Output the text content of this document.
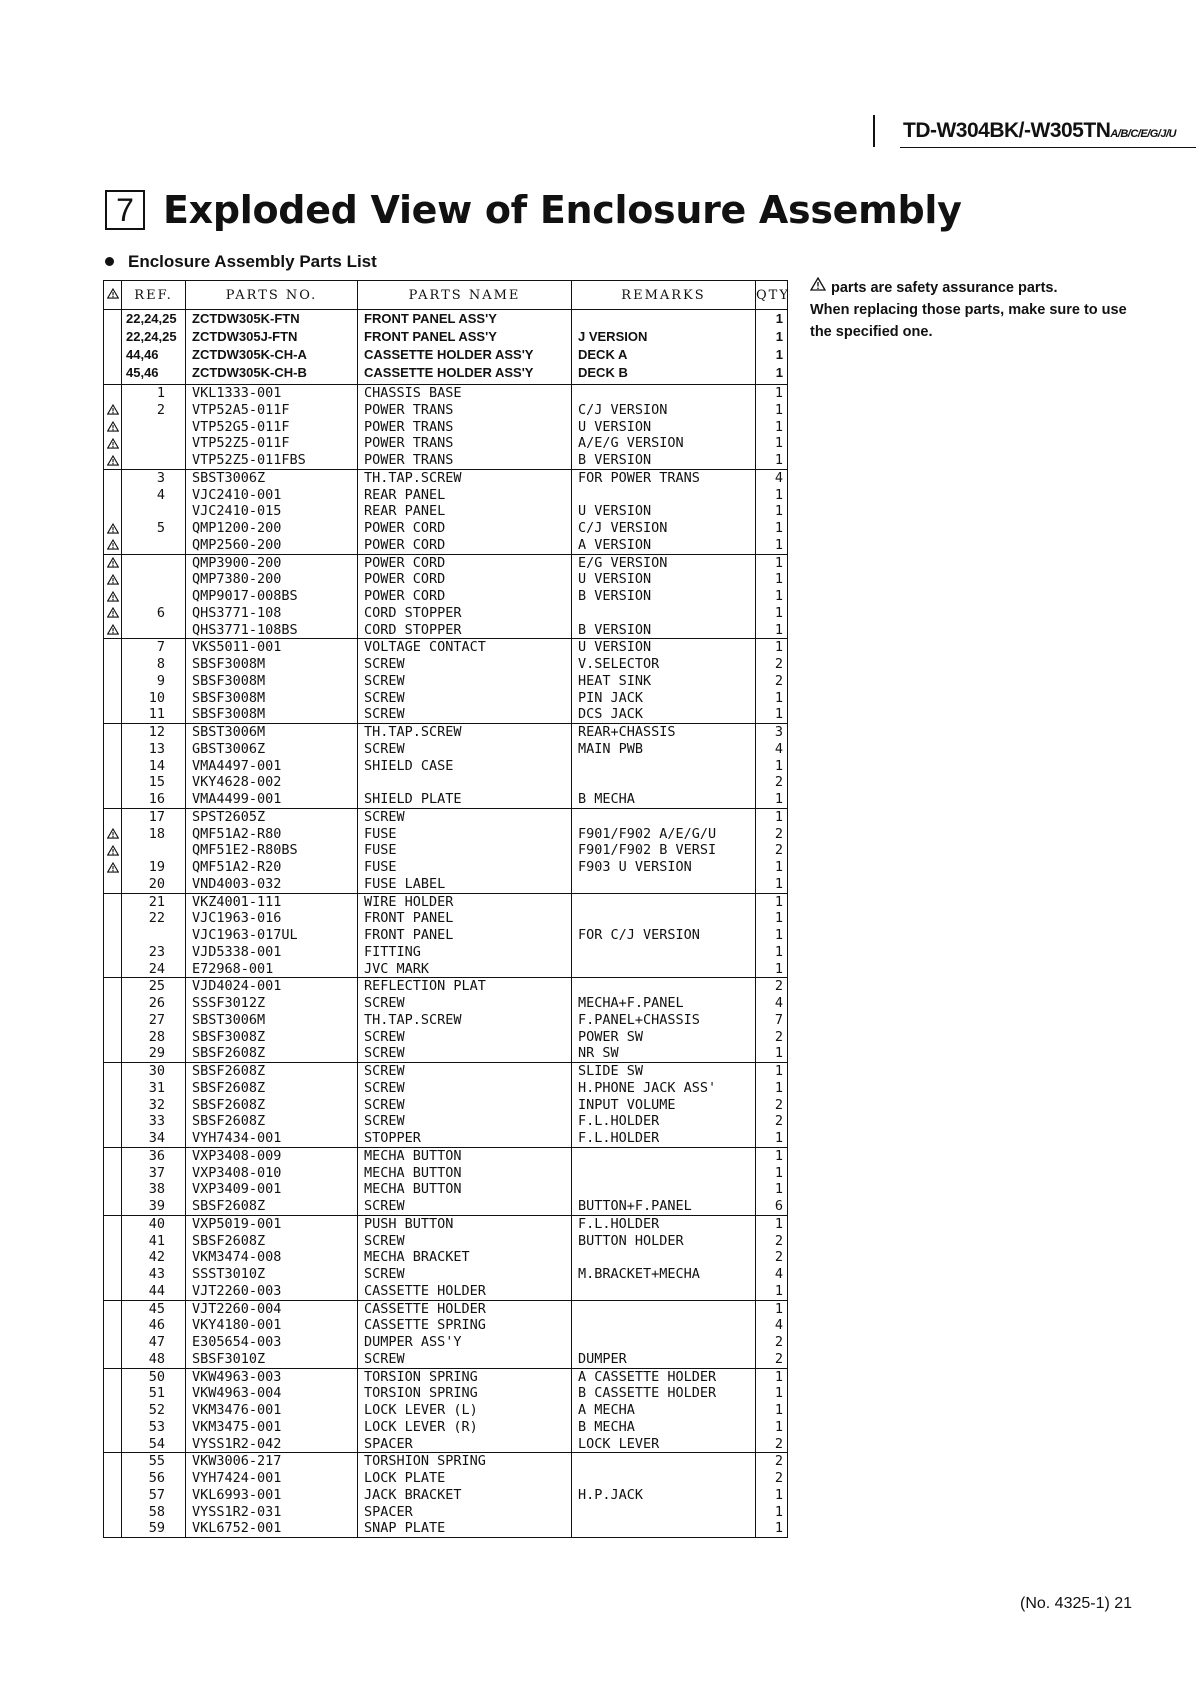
TD-W304BK/-W305TNA/B/C/E/G/J/U
7 Exploded View of Enclosure Assembly
Enclosure Assembly Parts List
parts are safety assurance parts.
When replacing those parts, make sure to use the specified one.
	REF.	PARTS NO.	PARTS NAME	REMARKS	QTY
	22,24,25	ZCTDW305K-FTN	FRONT PANEL ASS'Y		1
	22,24,25	ZCTDW305J-FTN	FRONT PANEL ASS'Y	J VERSION	1
	44,46	ZCTDW305K-CH-A	CASSETTE HOLDER ASS'Y	DECK A	1
	45,46	ZCTDW305K-CH-B	CASSETTE HOLDER ASS'Y	DECK B	1
	1	VKL1333-001	CHASSIS BASE		1
	2	VTP52A5-011F	POWER TRANS	C/J VERSION	1
		VTP52G5-011F	POWER TRANS	U VERSION	1
		VTP52Z5-011F	POWER TRANS	A/E/G VERSION	1
		VTP52Z5-011FBS	POWER TRANS	B VERSION	1
	3	SBST3006Z	TH.TAP.SCREW	FOR POWER TRANS	4
	4	VJC2410-001	REAR PANEL		1
		VJC2410-015	REAR PANEL	U VERSION	1
	5	QMP1200-200	POWER CORD	C/J VERSION	1
		QMP2560-200	POWER CORD	A VERSION	1
		QMP3900-200	POWER CORD	E/G VERSION	1
		QMP7380-200	POWER CORD	U VERSION	1
		QMP9017-008BS	POWER CORD	B VERSION	1
	6	QHS3771-108	CORD STOPPER		1
		QHS3771-108BS	CORD STOPPER	B VERSION	1
	7	VKS5011-001	VOLTAGE CONTACT	U VERSION	1
	8	SBSF3008M	SCREW	V.SELECTOR	2
	9	SBSF3008M	SCREW	HEAT SINK	2
	10	SBSF3008M	SCREW	PIN JACK	1
	11	SBSF3008M	SCREW	DCS JACK	1
	12	SBST3006M	TH.TAP.SCREW	REAR+CHASSIS	3
	13	GBST3006Z	SCREW	MAIN PWB	4
	14	VMA4497-001	SHIELD CASE		1
	15	VKY4628-002			2
	16	VMA4499-001	SHIELD PLATE	B MECHA	1
	17	SPST2605Z	SCREW		1
	18	QMF51A2-R80	FUSE	F901/F902 A/E/G/U	2
		QMF51E2-R80BS	FUSE	F901/F902 B VERSI	2
	19	QMF51A2-R20	FUSE	F903 U VERSION	1
	20	VND4003-032	FUSE LABEL		1
	21	VKZ4001-111	WIRE HOLDER		1
	22	VJC1963-016	FRONT PANEL		1
		VJC1963-017UL	FRONT PANEL	FOR C/J VERSION	1
	23	VJD5338-001	FITTING		1
	24	E72968-001	JVC MARK		1
	25	VJD4024-001	REFLECTION PLAT		2
	26	SSSF3012Z	SCREW	MECHA+F.PANEL	4
	27	SBST3006M	TH.TAP.SCREW	F.PANEL+CHASSIS	7
	28	SBSF3008Z	SCREW	POWER SW	2
	29	SBSF2608Z	SCREW	NR SW	1
	30	SBSF2608Z	SCREW	SLIDE SW	1
	31	SBSF2608Z	SCREW	H.PHONE JACK ASS'	1
	32	SBSF2608Z	SCREW	INPUT VOLUME	2
	33	SBSF2608Z	SCREW	F.L.HOLDER	2
	34	VYH7434-001	STOPPER	F.L.HOLDER	1
	36	VXP3408-009	MECHA BUTTON		1
	37	VXP3408-010	MECHA BUTTON		1
	38	VXP3409-001	MECHA BUTTON		1
	39	SBSF2608Z	SCREW	BUTTON+F.PANEL	6
	40	VXP5019-001	PUSH BUTTON	F.L.HOLDER	1
	41	SBSF2608Z	SCREW	BUTTON HOLDER	2
	42	VKM3474-008	MECHA BRACKET		2
	43	SSST3010Z	SCREW	M.BRACKET+MECHA	4
	44	VJT2260-003	CASSETTE HOLDER		1
	45	VJT2260-004	CASSETTE HOLDER		1
	46	VKY4180-001	CASSETTE SPRING		4
	47	E305654-003	DUMPER ASS'Y		2
	48	SBSF3010Z	SCREW	DUMPER	2
	50	VKW4963-003	TORSION SPRING	A CASSETTE HOLDER	1
	51	VKW4963-004	TORSION SPRING	B CASSETTE HOLDER	1
	52	VKM3476-001	LOCK LEVER (L)	A MECHA	1
	53	VKM3475-001	LOCK LEVER (R)	B MECHA	1
	54	VYSS1R2-042	SPACER	LOCK LEVER	2
	55	VKW3006-217	TORSHION SPRING		2
	56	VYH7424-001	LOCK PLATE		2
	57	VKL6993-001	JACK BRACKET	H.P.JACK	1
	58	VYSS1R2-031	SPACER		1
	59	VKL6752-001	SNAP PLATE		1
(No. 4325-1) 21
